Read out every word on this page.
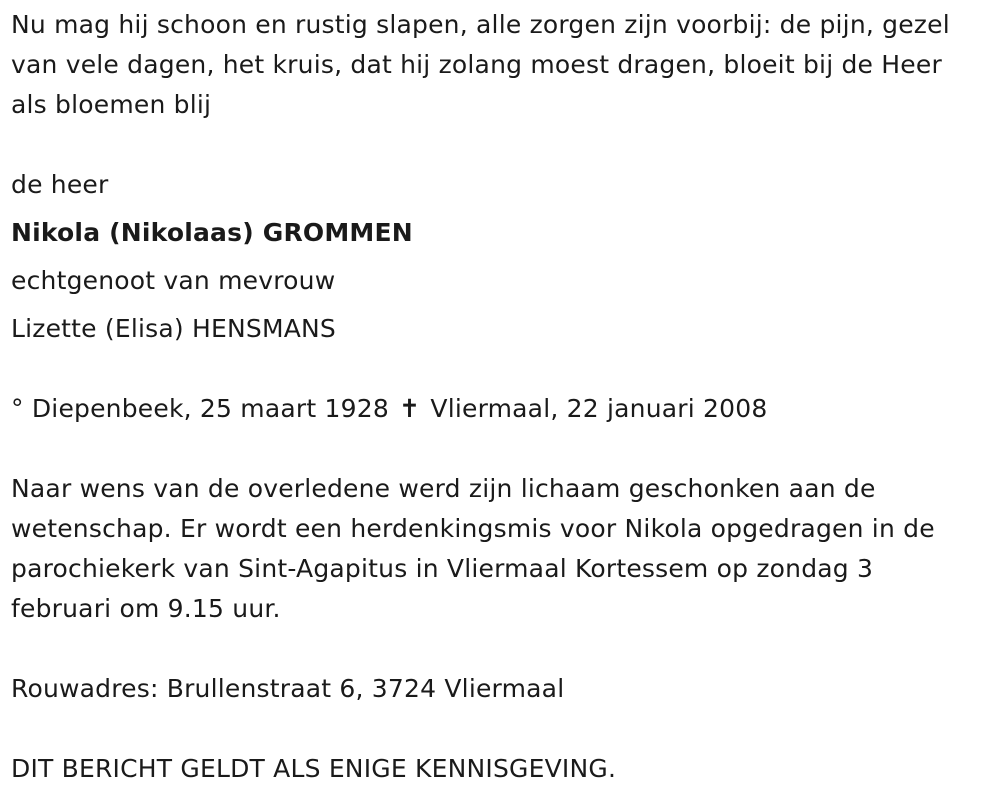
Nu mag hij schoon en rustig slapen, alle zorgen zijn voorbij: de pijn, gezel
van vele dagen, het kruis, dat hij zolang moest dragen, bloeit bij de Heer
als bloemen blij
de heer
Nikola (Nikolaas) GROMMEN
echtgenoot van mevrouw
Lizette (Elisa) HENSMANS
° Diepenbeek, 25 maart 1928 ✝ Vliermaal, 22 januari 2008
Naar wens van de overledene werd zijn lichaam geschonken aan de
wetenschap. Er wordt een herdenkingsmis voor Nikola opgedragen in de
parochiekerk van Sint-Agapitus in Vliermaal Kortessem op zondag 3
februari om 9.15 uur.
Rouwadres: Brullenstraat 6, 3724 Vliermaal
DIT BERICHT GELDT ALS ENIGE KENNISGEVING.
